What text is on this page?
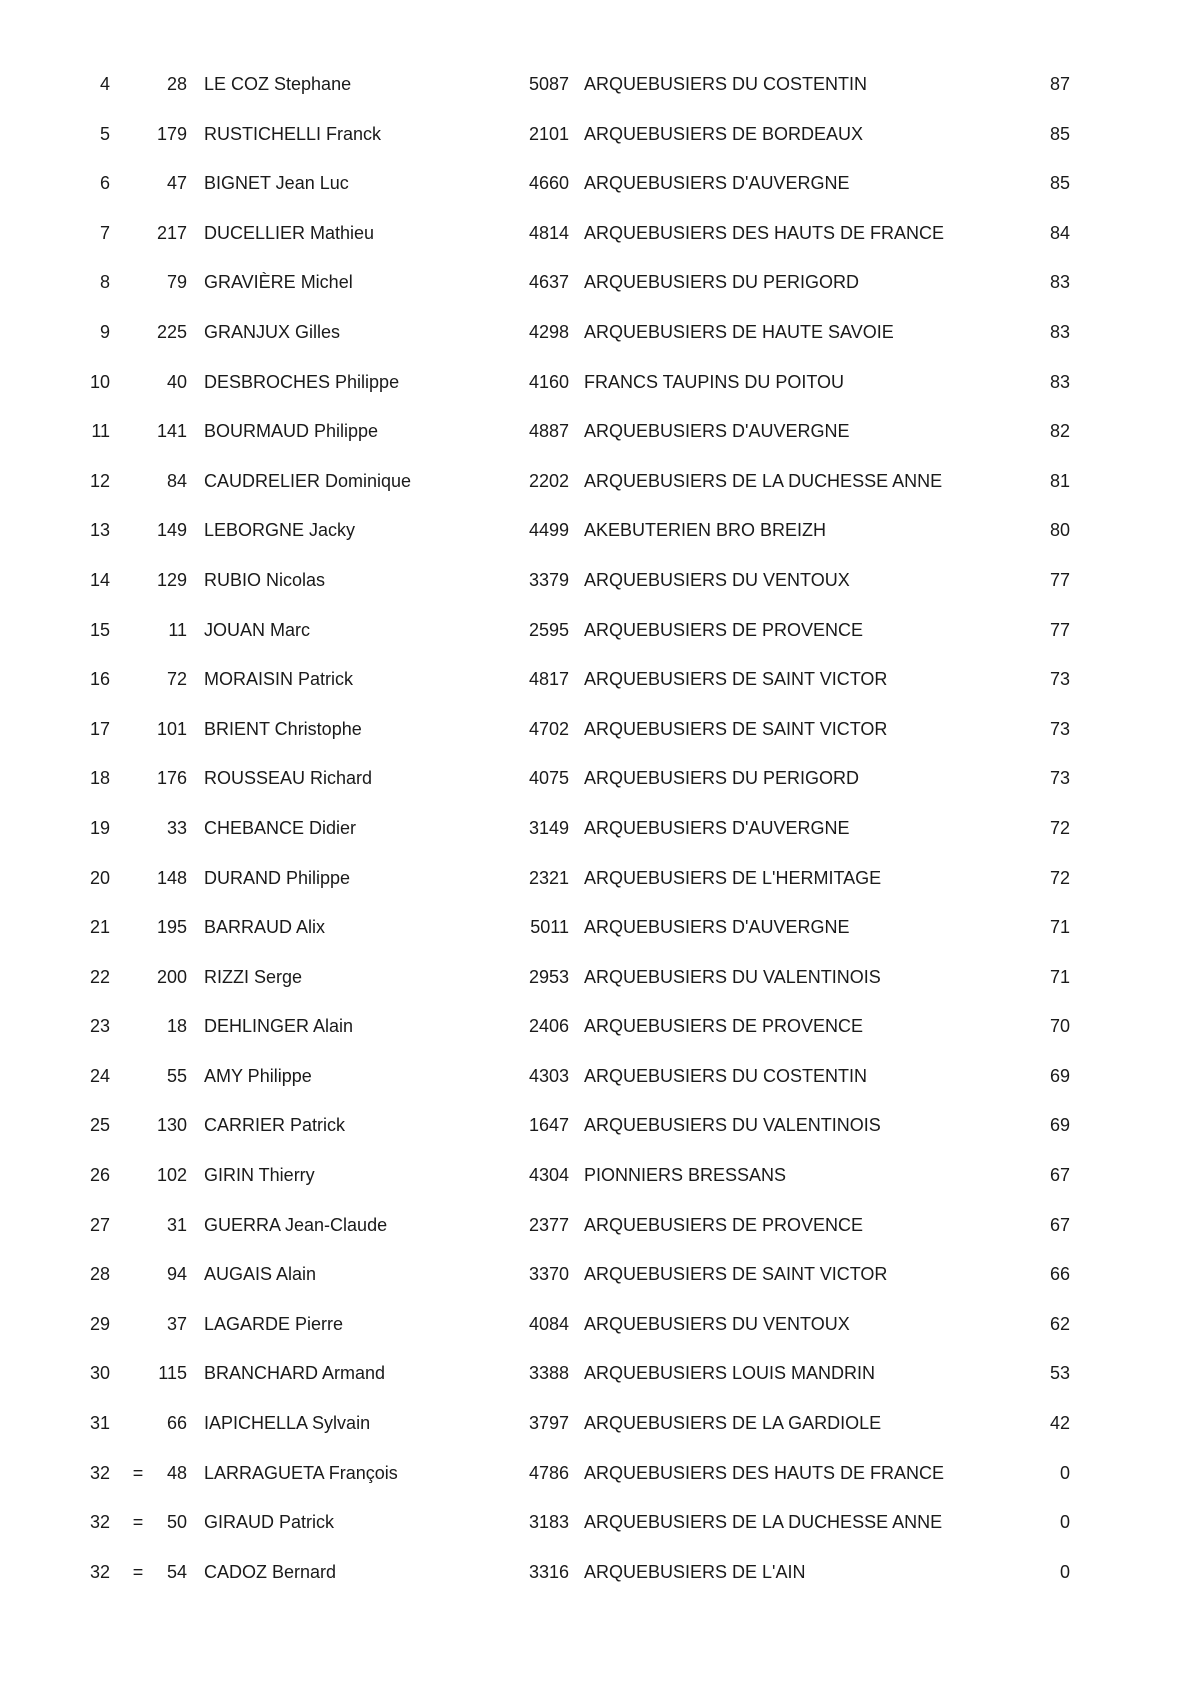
4	28 LE COZ Stephane	5087 ARQUEBUSIERS DU COSTENTIN	87
5	179 RUSTICHELLI Franck	2101 ARQUEBUSIERS DE BORDEAUX	85
6	47 BIGNET Jean Luc	4660 ARQUEBUSIERS D'AUVERGNE	85
7	217 DUCELLIER Mathieu	4814 ARQUEBUSIERS DES HAUTS DE FRANCE	84
8	79 GRAVIÈRE Michel	4637 ARQUEBUSIERS DU PERIGORD	83
9	225 GRANJUX Gilles	4298 ARQUEBUSIERS DE HAUTE SAVOIE	83
10	40 DESBROCHES Philippe	4160 FRANCS TAUPINS DU POITOU	83
11	141 BOURMAUD Philippe	4887 ARQUEBUSIERS D'AUVERGNE	82
12	84 CAUDRELIER Dominique	2202 ARQUEBUSIERS DE LA DUCHESSE ANNE	81
13	149 LEBORGNE Jacky	4499 AKEBUTERIEN BRO BREIZH	80
14	129 RUBIO Nicolas	3379 ARQUEBUSIERS DU VENTOUX	77
15	11 JOUAN Marc	2595 ARQUEBUSIERS DE PROVENCE	77
16	72 MORAISIN Patrick	4817 ARQUEBUSIERS DE SAINT VICTOR	73
17	101 BRIENT Christophe	4702 ARQUEBUSIERS DE SAINT VICTOR	73
18	176 ROUSSEAU Richard	4075 ARQUEBUSIERS DU PERIGORD	73
19	33 CHEBANCE Didier	3149 ARQUEBUSIERS D'AUVERGNE	72
20	148 DURAND Philippe	2321 ARQUEBUSIERS DE L'HERMITAGE	72
21	195 BARRAUD Alix	5011 ARQUEBUSIERS D'AUVERGNE	71
22	200 RIZZI Serge	2953 ARQUEBUSIERS DU VALENTINOIS	71
23	18 DEHLINGER Alain	2406 ARQUEBUSIERS DE PROVENCE	70
24	55 AMY Philippe	4303 ARQUEBUSIERS DU COSTENTIN	69
25	130 CARRIER Patrick	1647 ARQUEBUSIERS DU VALENTINOIS	69
26	102 GIRIN Thierry	4304 PIONNIERS BRESSANS	67
27	31 GUERRA Jean-Claude	2377 ARQUEBUSIERS DE PROVENCE	67
28	94 AUGAIS Alain	3370 ARQUEBUSIERS DE SAINT VICTOR	66
29	37 LAGARDE Pierre	4084 ARQUEBUSIERS DU VENTOUX	62
30	115 BRANCHARD Armand	3388 ARQUEBUSIERS LOUIS MANDRIN	53
31	66 IAPICHELLA Sylvain	3797 ARQUEBUSIERS DE LA GARDIOLE	42
32 =	48 LARRAGUETA François	4786 ARQUEBUSIERS DES HAUTS DE FRANCE	0
32 =	50 GIRAUD Patrick	3183 ARQUEBUSIERS DE LA DUCHESSE ANNE	0
32 =	54 CADOZ Bernard	3316 ARQUEBUSIERS DE L'AIN	0
